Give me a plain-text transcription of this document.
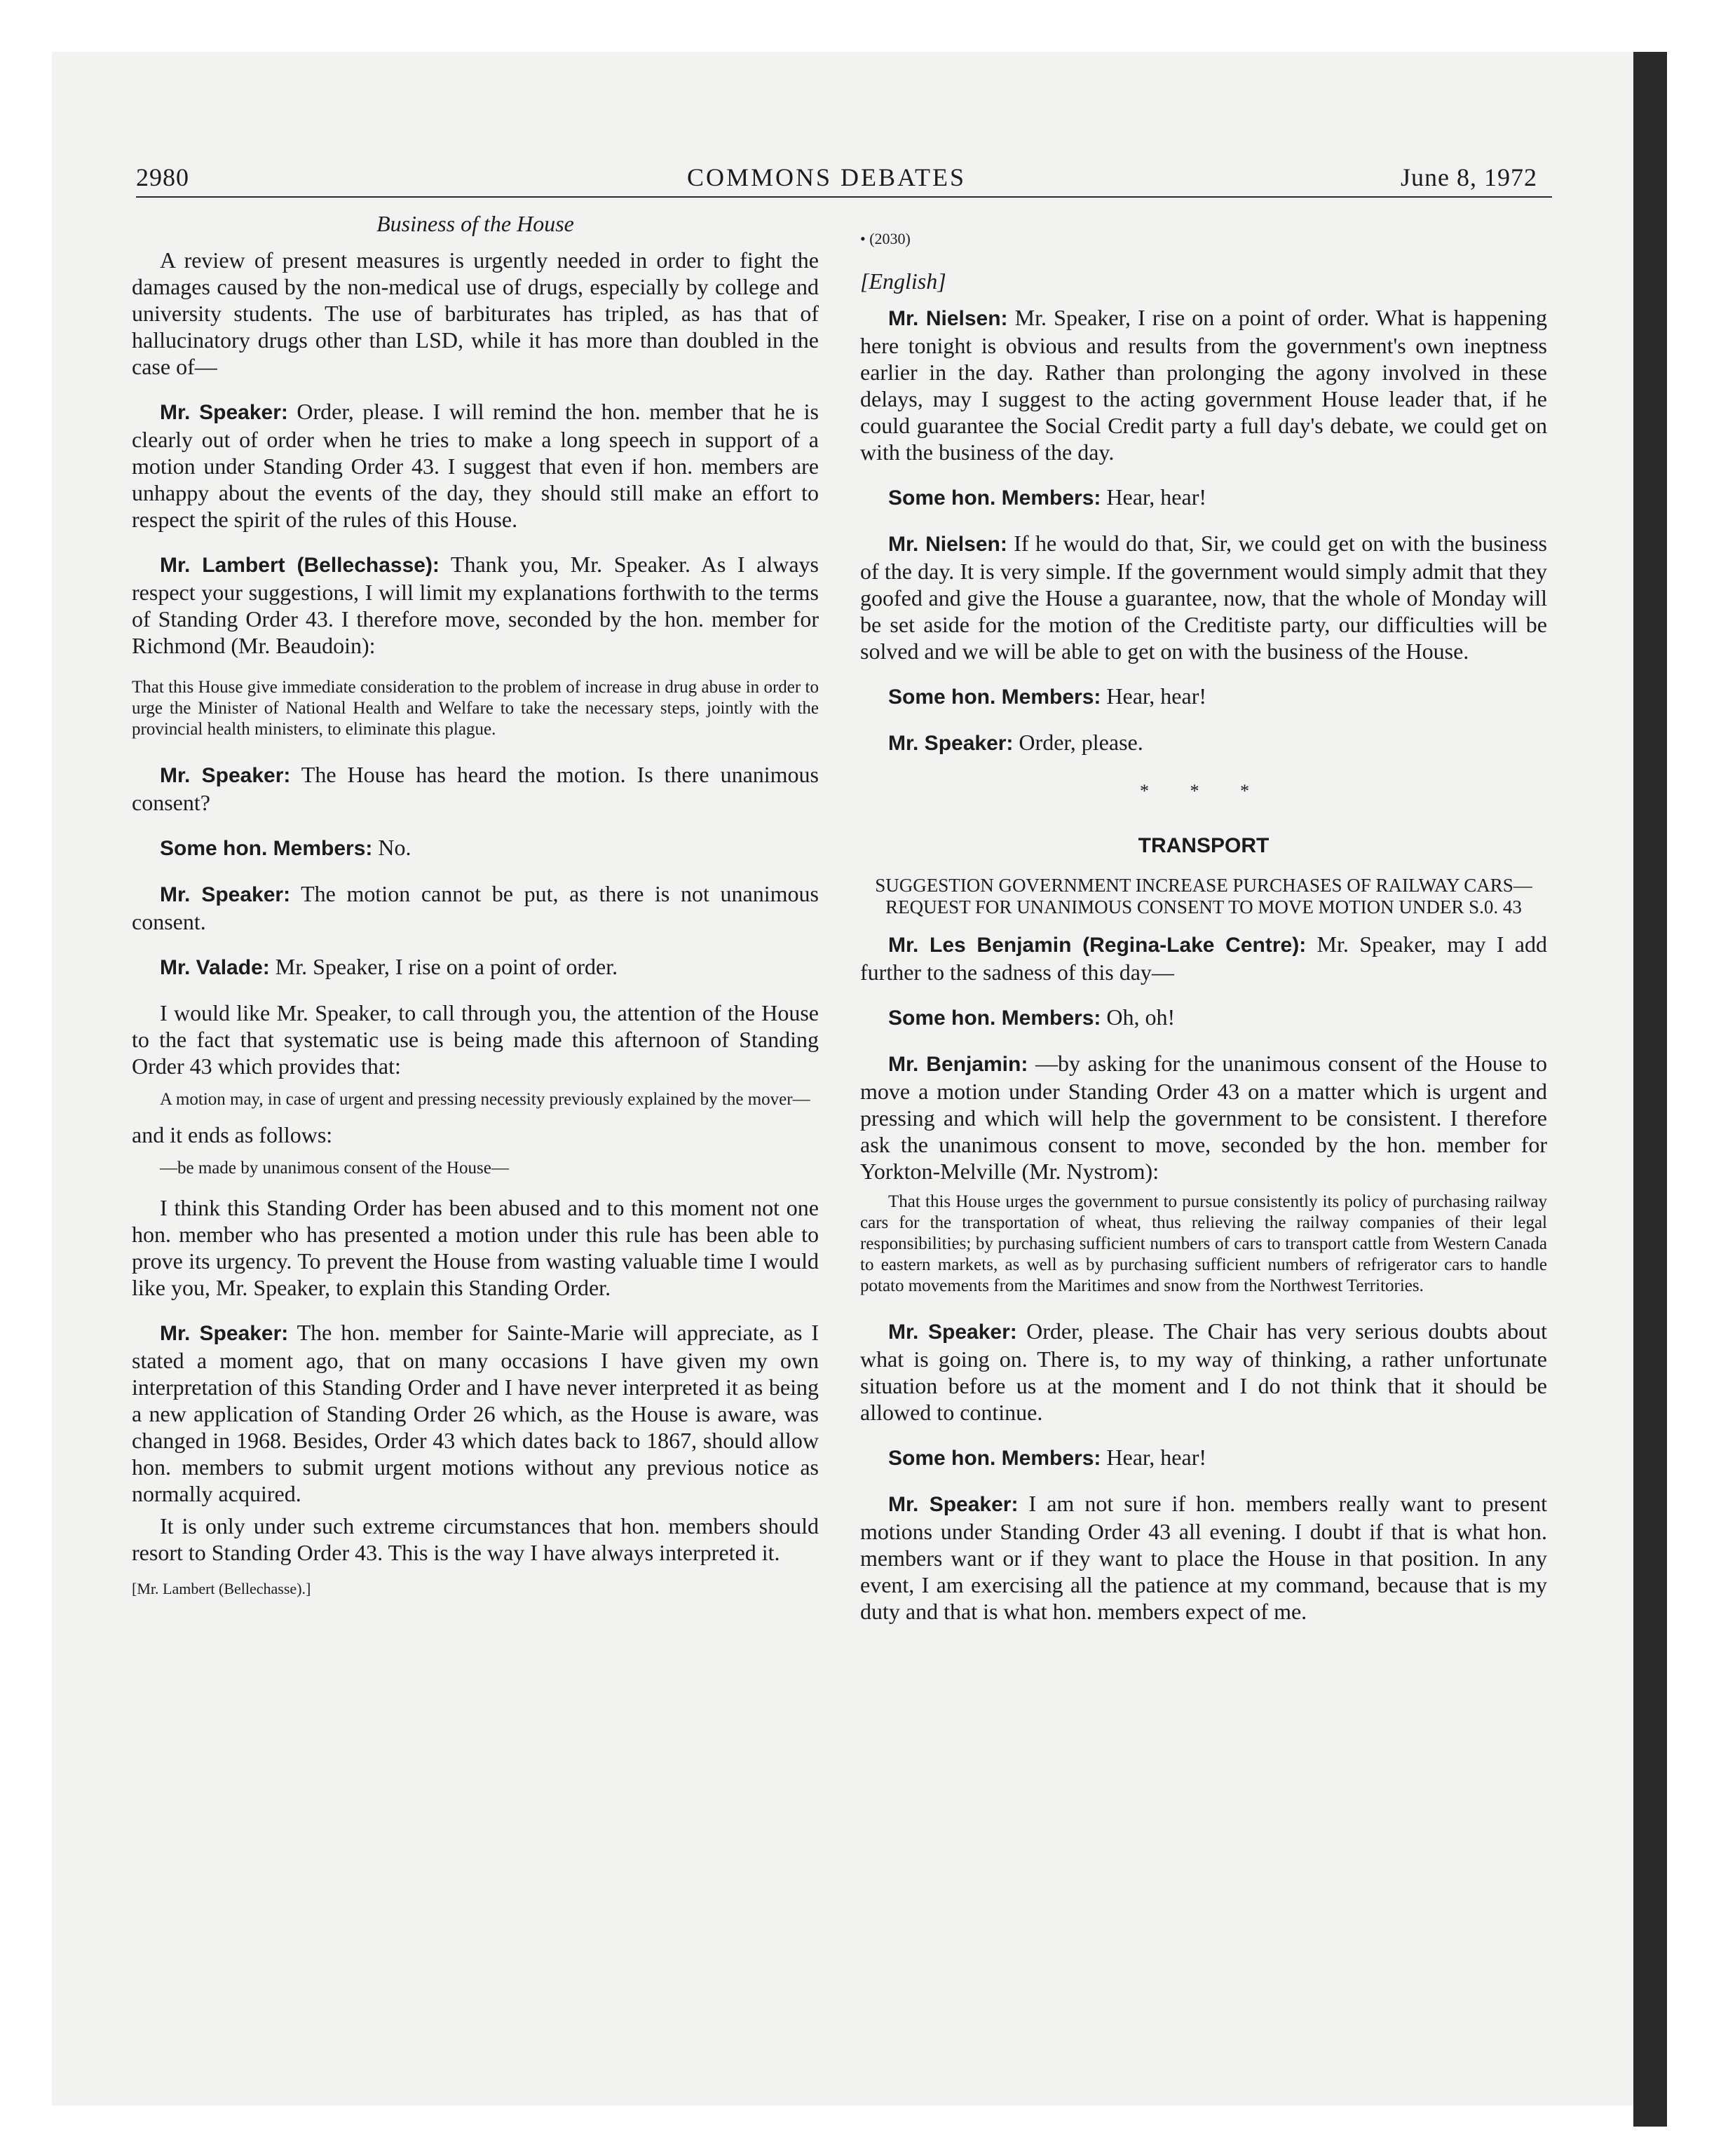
2980	COMMONS DEBATES	June 8, 1972
Business of the House

A review of present measures is urgently needed in order to fight the damages caused by the non-medical use of drugs, especially by college and university students. The use of barbiturates has tripled, as has that of hallucinatory drugs other than LSD, while it has more than doubled in the case of—

Mr. Speaker: Order, please. I will remind the hon. member that he is clearly out of order when he tries to make a long speech in support of a motion under Standing Order 43. I suggest that even if hon. members are unhappy about the events of the day, they should still make an effort to respect the spirit of the rules of this House.

Mr. Lambert (Bellechasse): Thank you, Mr. Speaker. As I always respect your suggestions, I will limit my explanations forthwith to the terms of Standing Order 43. I therefore move, seconded by the hon. member for Richmond (Mr. Beaudoin):

That this House give immediate consideration to the problem of increase in drug abuse in order to urge the Minister of National Health and Welfare to take the necessary steps, jointly with the provincial health ministers, to eliminate this plague.

Mr. Speaker: The House has heard the motion. Is there unanimous consent?

Some hon. Members: No.

Mr. Speaker: The motion cannot be put, as there is not unanimous consent.

Mr. Valade: Mr. Speaker, I rise on a point of order.

I would like Mr. Speaker, to call through you, the attention of the House to the fact that systematic use is being made this afternoon of Standing Order 43 which provides that:

A motion may, in case of urgent and pressing necessity previously explained by the mover—

and it ends as follows:

—be made by unanimous consent of the House—

I think this Standing Order has been abused and to this moment not one hon. member who has presented a motion under this rule has been able to prove its urgency. To prevent the House from wasting valuable time I would like you, Mr. Speaker, to explain this Standing Order.

Mr. Speaker: The hon. member for Sainte-Marie will appreciate, as I stated a moment ago, that on many occasions I have given my own interpretation of this Standing Order and I have never interpreted it as being a new application of Standing Order 26 which, as the House is aware, was changed in 1968. Besides, Order 43 which dates back to 1867, should allow hon. members to submit urgent motions without any previous notice as normally acquired.

It is only under such extreme circumstances that hon. members should resort to Standing Order 43. This is the way I have always interpreted it.

[Mr. Lambert (Bellechasse).]

• (2030)
[English]

Mr. Nielsen: Mr. Speaker, I rise on a point of order. What is happening here tonight is obvious and results from the government's own ineptness earlier in the day. Rather than prolonging the agony involved in these delays, may I suggest to the acting government House leader that, if he could guarantee the Social Credit party a full day's debate, we could get on with the business of the day.

Some hon. Members: Hear, hear!

Mr. Nielsen: If he would do that, Sir, we could get on with the business of the day. It is very simple. If the government would simply admit that they goofed and give the House a guarantee, now, that the whole of Monday will be set aside for the motion of the Creditiste party, our difficulties will be solved and we will be able to get on with the business of the House.

Some hon. Members: Hear, hear!

Mr. Speaker: Order, please.

* * *
TRANSPORT
SUGGESTION GOVERNMENT INCREASE PURCHASES OF RAILWAY CARS—REQUEST FOR UNANIMOUS CONSENT TO MOVE MOTION UNDER S.0. 43

Mr. Les Benjamin (Regina-Lake Centre): Mr. Speaker, may I add further to the sadness of this day—

Some hon. Members: Oh, oh!

Mr. Benjamin: —by asking for the unanimous consent of the House to move a motion under Standing Order 43 on a matter which is urgent and pressing and which will help the government to be consistent. I therefore ask the unanimous consent to move, seconded by the hon. member for Yorkton-Melville (Mr. Nystrom):

That this House urges the government to pursue consistently its policy of purchasing railway cars for the transportation of wheat, thus relieving the railway companies of their legal responsibilities; by purchasing sufficient numbers of cars to transport cattle from Western Canada to eastern markets, as well as by purchasing sufficient numbers of refrigerator cars to handle potato movements from the Maritimes and snow from the Northwest Territories.

Mr. Speaker: Order, please. The Chair has very serious doubts about what is going on. There is, to my way of thinking, a rather unfortunate situation before us at the moment and I do not think that it should be allowed to continue.

Some hon. Members: Hear, hear!

Mr. Speaker: I am not sure if hon. members really want to present motions under Standing Order 43 all evening. I doubt if that is what hon. members want or if they want to place the House in that position. In any event, I am exercising all the patience at my command, because that is my duty and that is what hon. members expect of me.
